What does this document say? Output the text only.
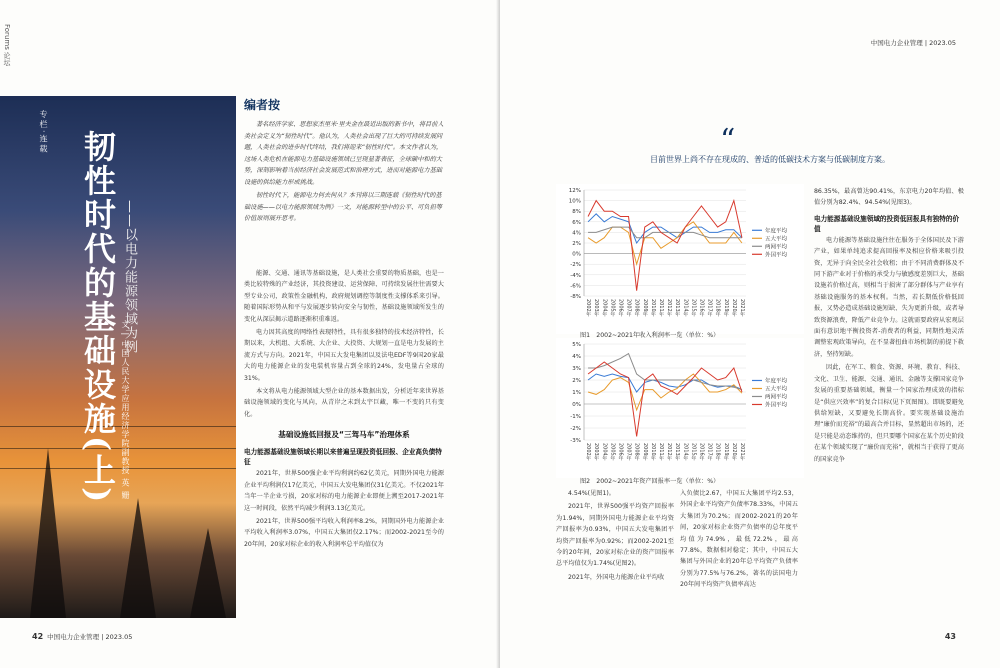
Forums 论坛
专栏·连载 韧性时代的基础设施(上) ——以电力能源领域为例
文 | 中国人民大学应用经济学院副教授 英 姗
编者按

著名经济学家、思想家杰里米·里夫金在最近出版的新书中，将目前人类社会定义为“韧性时代”。他认为，人类社会出现了巨大的可持续发展问题，人类社会的进步时代终结，我们将迎来“韧性时代”。本文作者认为，这场人类危机在能源电力基础设施领域已呈现显著表征，全球碳中和的大势，深刻影响着当前经济社会发展范式和治理方式，进而对能源电力基础设施的供给能力形成挑战。

韧性时代下，能源电力何去何从？本刊将以三期连载《韧性时代的基础设施——以电力能源领域为例》一文，对能源转型中的公平、可负担等价值原则展开思考。

能源、交通、通讯等基础设施，是人类社会重要的物质基础，也是一类比较特殊的产业经济，其投资建设、运营保障、可持续发展往往需要大型专业公司，政策性金融机构，政府规划调控等制度性支撑体系来引导。随着国际形势从和平与发展逐步转向安全与韧性，基础设施领域所发生的变化从深层揭示道路逐渐积重难返。

电力因其高度的网络性表现特性，具有很多独特的技术经济特性，长期以来，大机组、大系统、大企业、大投资、大规划一直是电力发展的主流方式与方向。2021年，中国五大发电集团以及法电EDF等9国20家最大的电力能源企业的发电装机容量占到全球的24%，发电量占全球的31%。

本文将从电力能源领域大型企业的基本数据出发，分析近年来世界基础设施领域的变化与风向，从青岸之末到太宇巨藏，唯一不变的只有变化。

基础设施低回报及“三驾马车”治理体系
电力能源基础设施领域长期以来普遍呈现投资低回报、企业高负债特征

2021年，世界500强企业平均利润约62亿美元，同期外国电力能源企业平均利润仅17亿美元，中国五大发电集团仅31亿美元。不仅2021年当年一半企业亏损，20家对标的电力能源企业即便上溯至2017-2021年这一时间段，依然平均减少利润3.13亿美元。

2021年，世界500强平均收入利润率8.2%，同期国外电力能源企业平均收入利润率3.07%，中国五大集团仅2.17%；而2002-2021至今的20年间，20家对标企业的收入利润率总平均值仅为

42 中国电力企业管理 | 2023.05
中国电力企业管理 | 2023.05
“
目前世界上尚不存在现成的、普适的低碳技术方案与低碳制度方案。
12%
10%
8%
6%
4%
2%
0%
-2%
-4%
-6%
-8%
2002年 2003年 2004年 2005年 2006年 2007年 2008年 2009年 2010年 2011年 2012年 2013年 2014年 2015年 2016年 2017年 2018年 2019年 2020年 2021年
年度平均
五大平均
两网平均
外国平均
图1　2002~2021年收入利润率一览（单位：%）
5%
4%
3%
2%
1%
0%
-1%
-2%
-3%
2002年 2003年 2004年 2005年 2006年 2007年 2008年 2009年 2010年 2011年 2012年 2013年 2014年 2015年 2016年 2017年 2018年 2019年 2020年 2021年
年度平均
五大平均
两网平均
外国平均
图2　2002~2021年资产回报率一览（单位：%）

4.54%(见图1)。

2021年，世界500强平均资产回报率为1.94%，同期外国电力能源企业平均资产回报率为0.93%，中国五大发电集团平均资产回报率为0.92%；而2002-2021至今的20年间，20家对标企业的资产回报率总平均值仅为1.74%(见图2)。

2021年，外国电力能源企业平均收

入负债比2.67，中国五大集团平均2.53，外国企业平均资产负债率78.33%，中国五大集团为70.2%；而2002-2021的20年间，20家对标企业资产负债率的总年度平均值为74.9%，最低72.2%，最高77.8%，数据相对稳定；其中，中国五大集团与外国企业的20年总平均资产负债率分别为77.5%与76.2%，著名的法国电力20年间平均资产负债率高达

86.35%，最高曾达90.41%，东京电力20年均值、极值分别为82.4%、94.54%(见图3)。

电力能源基础设施领域的投资低回报具有独特的价值

电力能源等基础设施往往在服务于全体国民及下游产业，如果单纯追求提高回报率及相应价格来吸引投资，无异于向全民全社会收租；由于不同消费群体及不同下游产业对于价格的承受力与敏感度差别巨大，基础设施若价格过高，则相当于损害了部分群体与产业享有基础设施服务的基本权利。当然，若长期低价格低回报，又势必造成基础设施短缺、失为更新升级，或者导致资源浪费，降低产业竞争力。这就需要政府从宏观层面有意识地平衡投资者-消费者的利益，同期性地灵活调整宏观政策导向，在不显著扭曲市场机制的前提下救济，坚持短缺。

因此，在军工、粮食、资源、环境、教育、科技、文化、卫生、能源、交通、通讯、金融等支撑国家竞争发展的重要基础领域，衡量一个国家治理成效的指标是“供应兴效率”的复合目标(见下页图图)。即既要避免供给短缺，又要避免长期高价。要实现基础设施治理“廉价而充裕”的最高合并目标，显然超出市场的，还是只能是动态维持的，但只要哪个国家在某个历史阶段在某个领域实现了“廉价而充裕”，就相当于获得了更高的国家竞争

43
